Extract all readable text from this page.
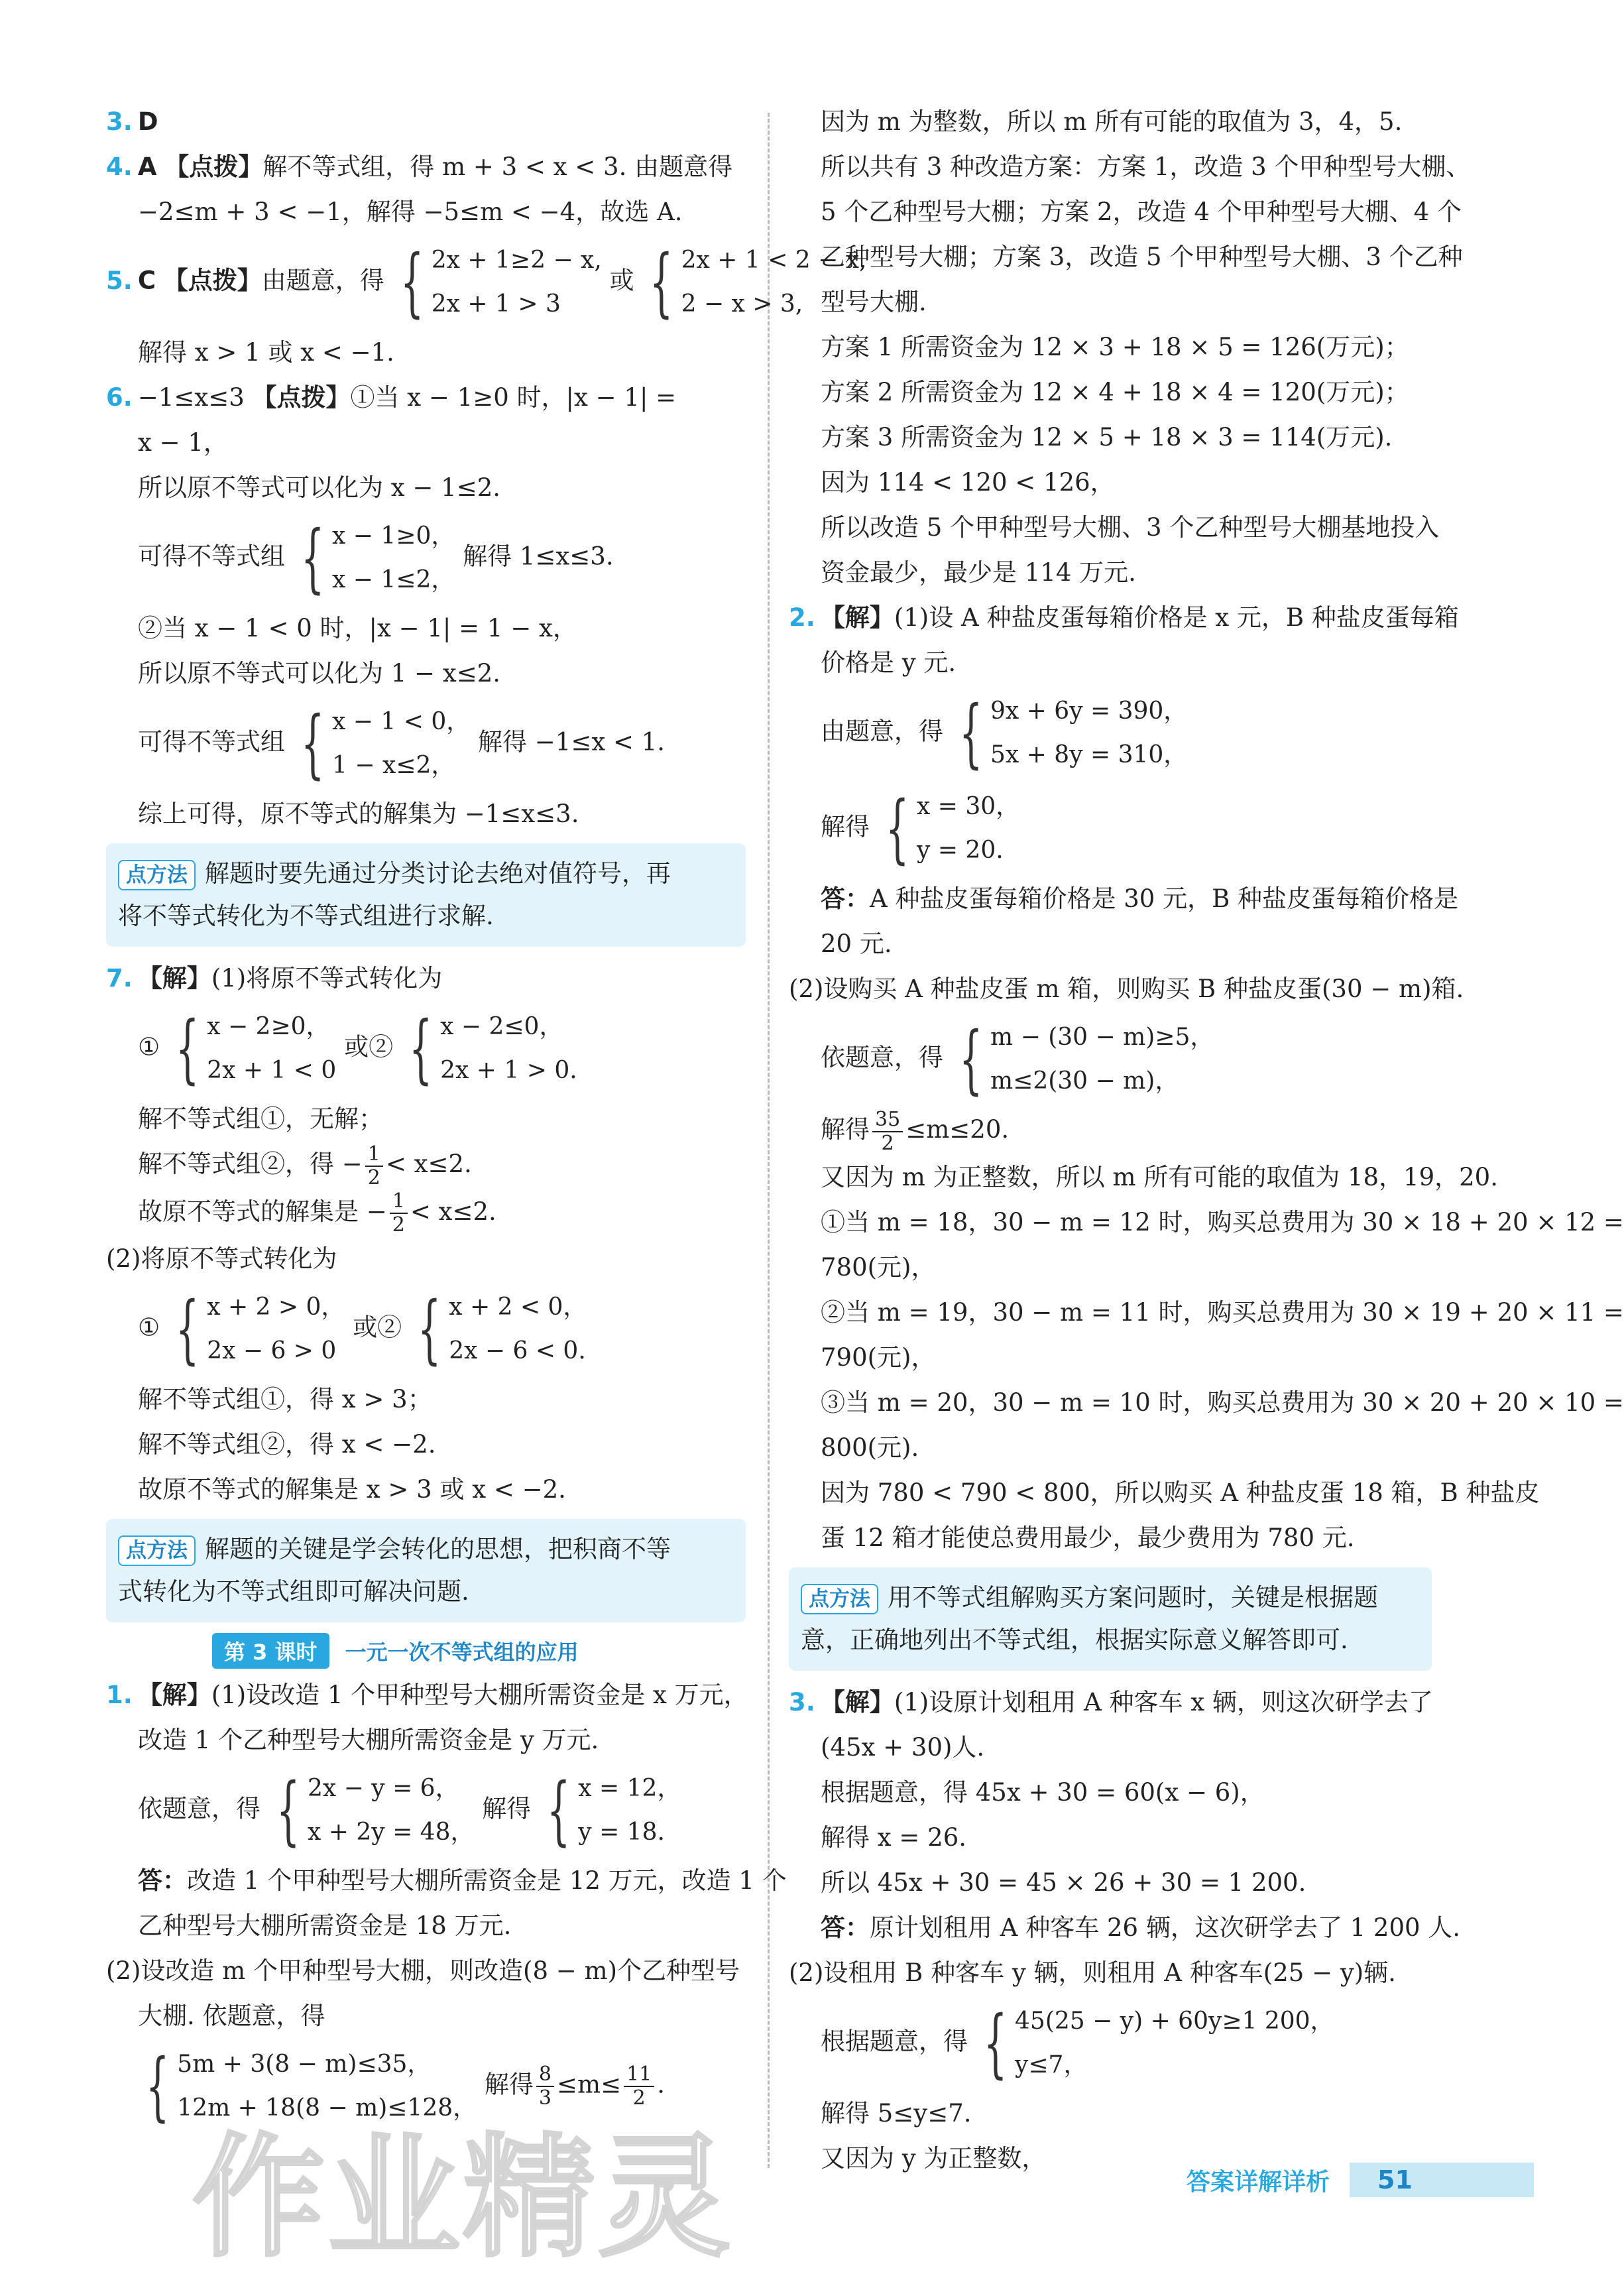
3. D
4. A 【点拨】解不等式组，得 m + 3 < x < 3. 由题意得
−2≤m + 3 < −1，解得 −5≤m < −4，故选 A.
5. C 【点拨】由题意，得 { 2x + 1≥2 − x,
2x + 1 > 3
或 { 2x + 1 < 2 − x,
2 − x > 3,
解得 x > 1 或 x < −1.
6. −1≤x≤3 【点拨】①当 x − 1≥0 时，|x − 1| =
x − 1，
所以原不等式可以化为 x − 1≤2.
可得不等式组 { x − 1≥0，
x − 1≤2，
解得 1≤x≤3.
②当 x − 1 < 0 时，|x − 1| = 1 − x，
所以原不等式可以化为 1 − x≤2.
可得不等式组 { x − 1 < 0，
1 − x≤2，
解得 −1≤x < 1.
综上可得，原不等式的解集为 −1≤x≤3.
点方法 解题时要先通过分类讨论去绝对值符号，再
将不等式转化为不等式组进行求解.
7. 【解】(1)将原不等式转化为
① { x − 2≥0，
2x + 1 < 0
或② { x − 2≤0，
2x + 1 > 0.
解不等式组①，无解；
解不等式组②，得 − $\frac{1}{2} < x\le 2$.
故原不等式的解集是 − $\frac{1}{2} < x\le 2$.
(2)将原不等式转化为
① { x + 2 > 0，
2x − 6 > 0
或② { x + 2 < 0，
2x − 6 < 0.
解不等式组①，得 x > 3；
解不等式组②，得 x < −2.
故原不等式的解集是 x > 3 或 x < −2.
点方法 解题的关键是学会转化的思想，把积商不等
式转化为不等式组即可解决问题.
第 3 课时	一元一次不等式组的应用
1. 【解】(1)设改造 1 个甲种型号大棚所需资金是 x 万元，
改造 1 个乙种型号大棚所需资金是 y 万元.
依题意，得 { 2x − y = 6，
x + 2y = 48，
解得 { x = 12，
y = 18.
答：改造 1 个甲种型号大棚所需资金是 12 万元，改造 1 个
乙种型号大棚所需资金是 18 万元.
(2)设改造 m 个甲种型号大棚，则改造(8 − m)个乙种型号
大棚. 依题意，得
{ 5m + 3(8 − m)≤35，
12m + 18(8 − m)≤128，
解得 $\frac{8}{3} \le m\le \frac{11}{2}$ .
因为 m 为整数，所以 m 所有可能的取值为 3，4，5.
所以共有 3 种改造方案：方案 1，改造 3 个甲种型号大棚、
5 个乙种型号大棚；方案 2，改造 4 个甲种型号大棚、4 个
乙种型号大棚；方案 3，改造 5 个甲种型号大棚、3 个乙种
型号大棚.
方案 1 所需资金为 12 × 3 + 18 × 5 = 126(万元)；
方案 2 所需资金为 12 × 4 + 18 × 4 = 120(万元)；
方案 3 所需资金为 12 × 5 + 18 × 3 = 114(万元).
因为 114 < 120 < 126，
所以改造 5 个甲种型号大棚、3 个乙种型号大棚基地投入
资金最少，最少是 114 万元.
2. 【解】(1)设 A 种盐皮蛋每箱价格是 x 元，B 种盐皮蛋每箱
价格是 y 元.
由题意，得 { 9x + 6y = 390，
5x + 8y = 310，
解得 { x = 30，
y = 20.
答：A 种盐皮蛋每箱价格是 30 元，B 种盐皮蛋每箱价格是
20 元.
(2)设购买 A 种盐皮蛋 m 箱，则购买 B 种盐皮蛋(30 − m)箱.
依题意，得 { m − (30 − m)≥5，
m≤2(30 − m)，
解得 $\frac{35}{2} \le m\le 20$.
又因为 m 为正整数，所以 m 所有可能的取值为 18，19，20.
①当 m = 18，30 − m = 12 时，购买总费用为 30 × 18 + 20 × 12 =
780(元)，
②当 m = 19，30 − m = 11 时，购买总费用为 30 × 19 + 20 × 11 =
790(元)，
③当 m = 20，30 − m = 10 时，购买总费用为 30 × 20 + 20 × 10 =
800(元).
因为 780 < 790 < 800，所以购买 A 种盐皮蛋 18 箱，B 种盐皮
蛋 12 箱才能使总费用最少，最少费用为 780 元.
点方法 用不等式组解购买方案问题时，关键是根据题
意，正确地列出不等式组，根据实际意义解答即可.
3. 【解】(1)设原计划租用 A 种客车 x 辆，则这次研学去了
(45x + 30)人.
根据题意，得 45x + 30 = 60(x − 6)，
解得 x = 26.
所以 45x + 30 = 45 × 26 + 30 = 1 200.
答：原计划租用 A 种客车 26 辆，这次研学去了 1 200 人.
(2)设租用 B 种客车 y 辆，则租用 A 种客车(25 − y)辆.
根据题意，得 { 45(25 − y) + 60y≥1 200，
y≤7，
解得 5≤y≤7.
又因为 y 为正整数，
作业精灵	答案详解详析	51
